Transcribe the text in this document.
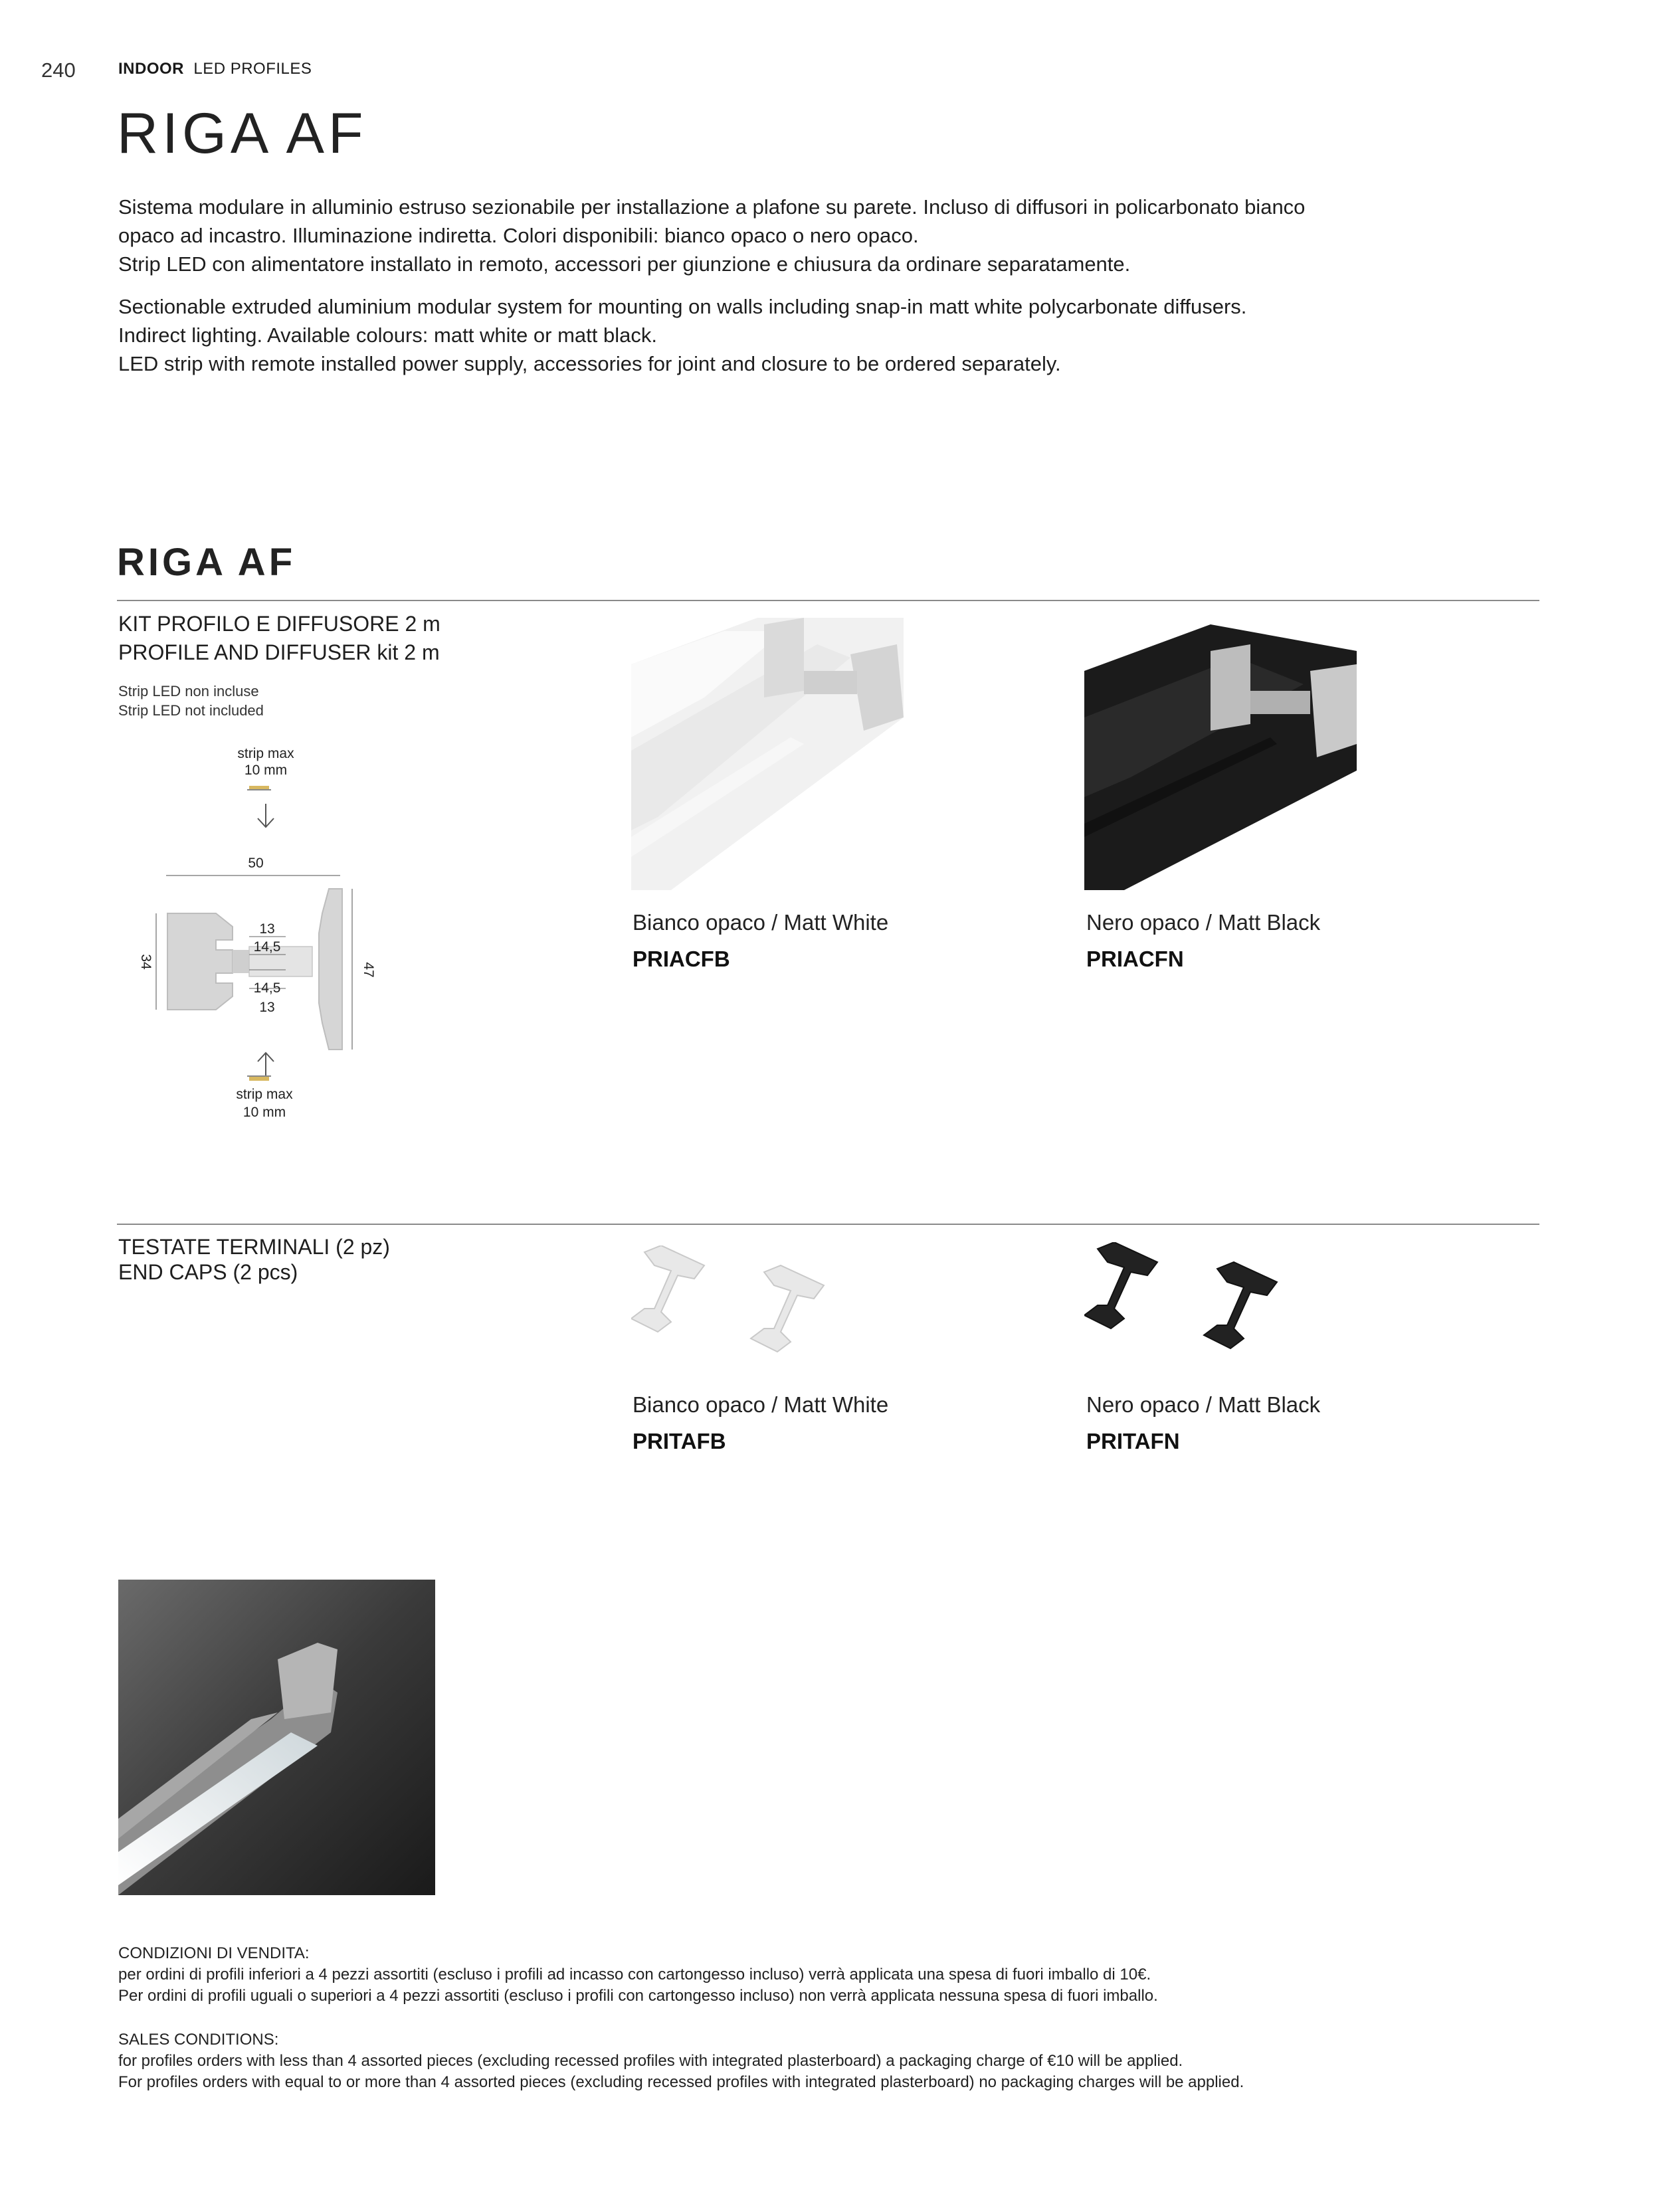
240	INDOOR LED PROFILES
RIGA AF
Sistema modulare in alluminio estruso sezionabile per installazione a plafone su parete. Incluso di diffusori in policarbonato bianco
opaco ad incastro. Illuminazione indiretta. Colori disponibili: bianco opaco o nero opaco.
Strip LED con alimentatore installato in remoto, accessori per giunzione e chiusura da ordinare separatamente.
Sectionable extruded aluminium modular system for mounting on walls including snap-in matt white polycarbonate diffusers.
Indirect lighting. Available colours: matt white or matt black.
LED strip with remote installed power supply, accessories for joint and closure to be ordered separately.
RIGA AF
KIT PROFILO E DIFFUSORE 2 m
PROFILE AND DIFFUSER kit 2 m
Strip LED non incluse
Strip LED not included
strip max
10 mm
50
13
14,5
14,5
13
34
47
strip max
10 mm
Bianco opaco / Matt White
PRIACFB
Nero opaco / Matt Black
PRIACFN
TESTATE TERMINALI (2 pz)
END CAPS (2 pcs)
Bianco opaco / Matt White
PRITAFB
Nero opaco / Matt Black
PRITAFN
CONDIZIONI DI VENDITA:
per ordini di profili inferiori a 4 pezzi assortiti (escluso i profili ad incasso con cartongesso incluso) verrà applicata una spesa di fuori imballo di 10€.
Per ordini di profili uguali o superiori a 4 pezzi assortiti (escluso i profili con cartongesso incluso) non verrà applicata nessuna spesa di fuori imballo.
SALES CONDITIONS:
for profiles orders with less than 4 assorted pieces (excluding recessed profiles with integrated plasterboard) a packaging charge of €10 will be applied.
For profiles orders with equal to or more than 4 assorted pieces (excluding recessed profiles with integrated plasterboard) no packaging charges will be applied.
